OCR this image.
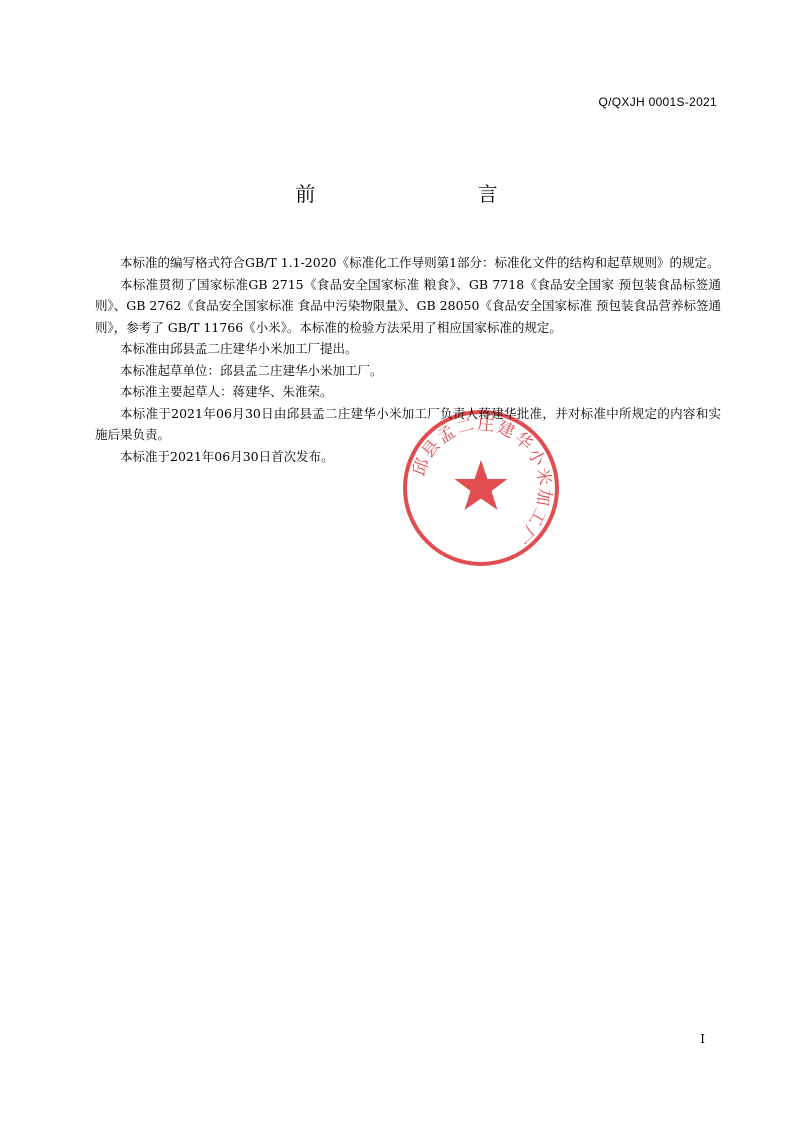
Q/QXJH 0001S-2021
前 言

本标准的编写格式符合GB/T 1.1-2020《标准化工作导则第1部分：标准化文件的结构和起草规则》的规定。

本标准贯彻了国家标准GB 2715《食品安全国家标准 粮食》、GB 7718《食品安全国家 预包装食品标签通则》、GB 2762《食品安全国家标准 食品中污染物限量》、GB 28050《食品安全国家标准 预包装食品营养标签通则》，参考了 GB/T 11766《小米》。本标准的检验方法采用了相应国家标准的规定。

本标准由邱县孟二庄建华小米加工厂提出。

本标准起草单位：邱县孟二庄建华小米加工厂。

本标准主要起草人：蒋建华、朱淮荣。

本标准于2021年06月30日由邱县孟二庄建华小米加工厂负责人蒋建华批准，并对标准中所规定的内容和实施后果负责。

本标准于2021年06月30日首次发布。	邱县孟二庄建华小米加工厂
I
